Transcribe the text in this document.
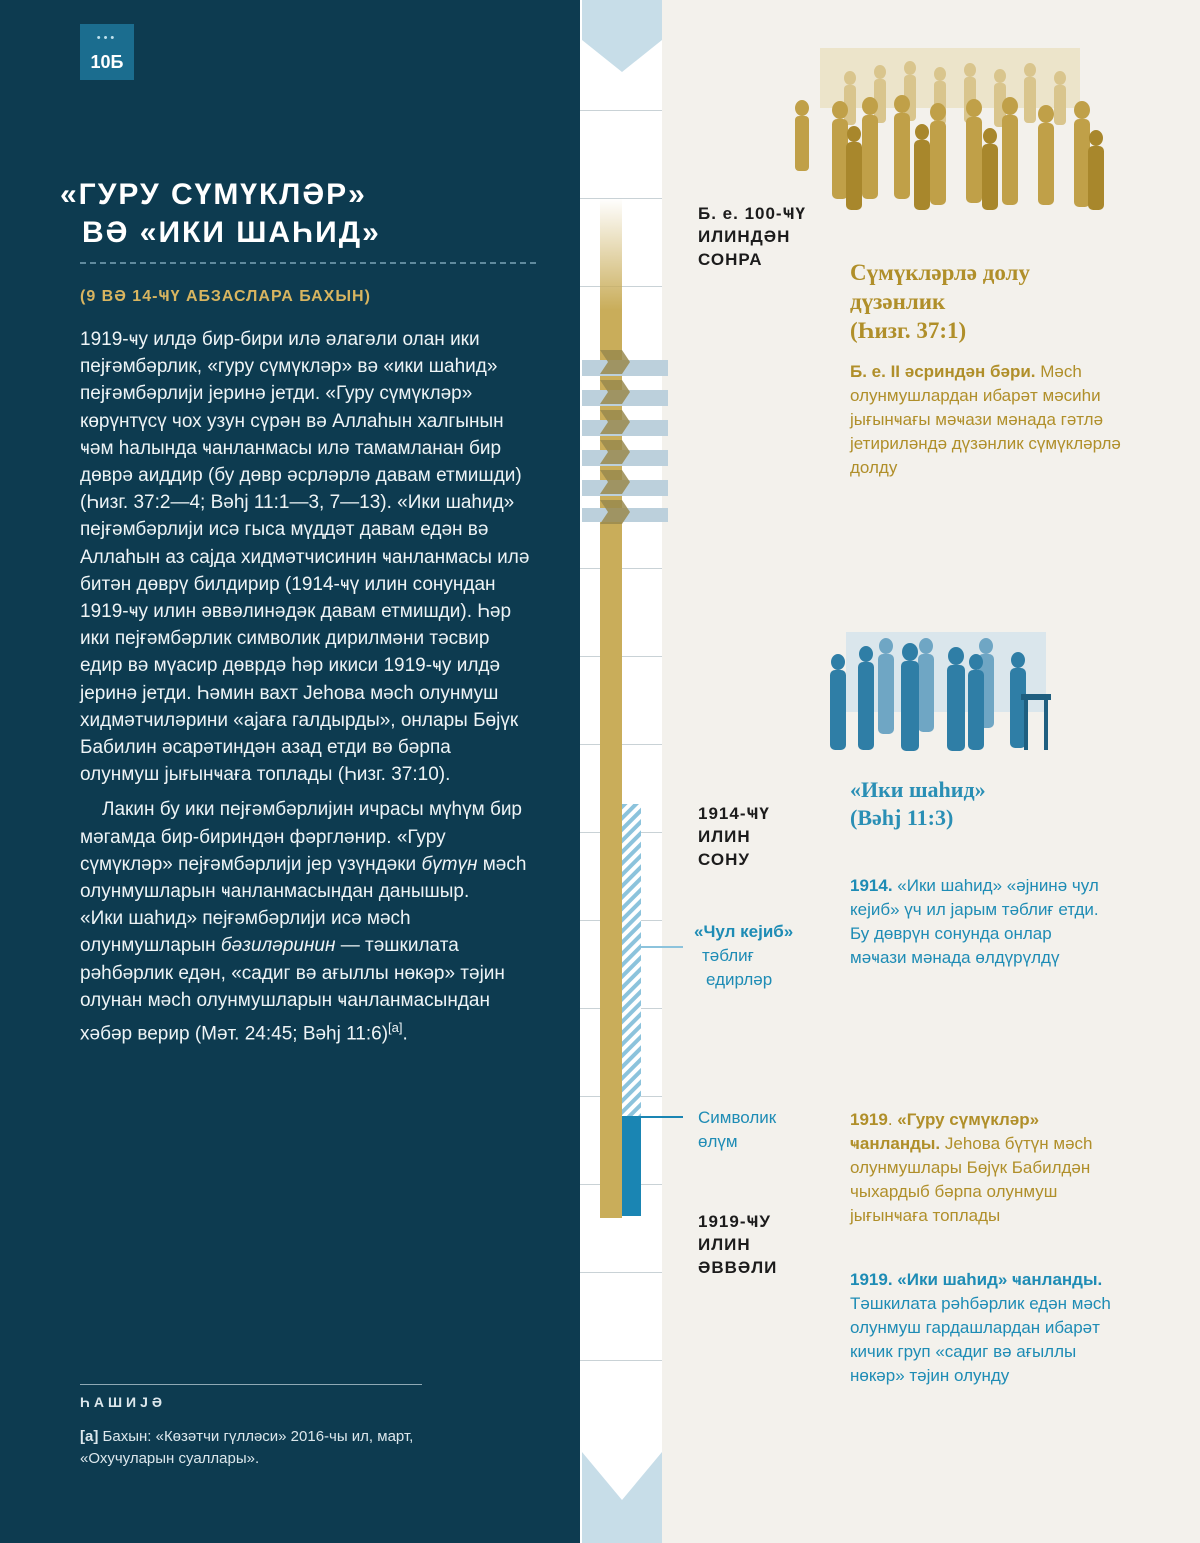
•••
10Б
«ГУРУ СҮМҮКЛӘР»
ВӘ «ИКИ ШАҺИД»
(9 ВӘ 14-ҸҮ АБЗАСЛАРА БАХЫН)

1919-ҹу илдә бир-бири илә әлагәли олан ики пеjғәмбәрлик, «гуру сүмүкләр» вә «ики шаһид» пеjғәмбәрлији јеринә јетди. «Гуру сүмүкләр» көрүнтүсү чох узун сүрән вә Аллаһын халгынын ҹәм һалында ҹанланмасы илә тамамланан бир дөврә аиддир (бу дөвр әсрләрлә давам етмишди) (Һизг. 37:2—4; Вәһј 11:1—3, 7—13). «Ики шаһид» пеjғәмбәрлији исә гыса мүддәт давам едән вә Аллаһын аз сајда хидмәтчисинин ҹанланмасы илә битән дөврү билдирир (1914-ҹү илин сонундан 1919-ҹу илин әввәлинәдәк давам етмишди). Һәр ики пеjғәмбәрлик символик дирилмәни тәсвир едир вә мүасир дөврдә һәр икиси 1919-ҹу илдә јеринә јетди. Һәмин вахт Јеһова мәсһ олунмуш хидмәтчиләрини «ајаға галдырды», онлары Бөјүк Бабилин әсарәтиндән азад етди вә бәрпа олунмуш јығынҹаға топлады (Һизг. 37:10).

Лакин бу ики пеjғәмбәрлијин ичрасы мүһүм бир мәгамда бир-бириндән фәргләнир. «Гуру сүмүкләр» пеjғәмбәрлији јер үзүндәки бүтүн мәсһ олунмушларын ҹанланмасындан данышыр.

«Ики шаһид» пеjғәмбәрлији исә мәсһ олунмушларын бәзиләринин — тәшкилата рәһбәрлик едән, «садиг вә ағыллы нөкәр» тәјин олунан мәсһ олунмушларын ҹанланмасындан хәбәр верир (Мәт. 24:45; Вәһј 11:6)[a].

ҺАШИЈӘ
[a] Бахын: «Көзәтчи гүлләси» 2016-чы ил, март, «Охучуларын суаллары».
Б. е. 100-ҸҮ
ИЛИНДӘН
СОНРА
1914-ҸҮ
ИЛИН
СОНУ
1919-ҸУ
ИЛИН
ӘВВӘЛИ
«Чул кејиб»
тәблиғ
едирләр
Символик
өлүм
Сүмүкләрлә долу
дүзәнлик
(Һизг. 37:1)
Б. е. II әсриндән бәри. Мәсһ олунмушлардан ибарәт мәсиһи јығынҹағы мәҹази мәнада гәтлә јетириләндә дүзәнлик сүмүкләрлә долду
«Ики шаһид»
(Вәһј 11:3)
1914. «Ики шаһид» «әјнинә чул кејиб» үч ил јарым тәблиғ етди. Бу дөврүн сонунда онлар мәҹази мәнада өлдүрүлдү
1919. «Гуру сүмүкләр» ҹанланды. Јеһова бүтүн мәсһ олунмушлары Бөјүк Бабилдән чыхардыб бәрпа олунмуш јығынҹаға топлады
1919. «Ики шаһид» ҹанланды. Тәшкилата рәһбәрлик едән мәсһ олунмуш гардашлардан ибарәт кичик груп «садиг вә ағыллы нөкәр» тәјин олунду
